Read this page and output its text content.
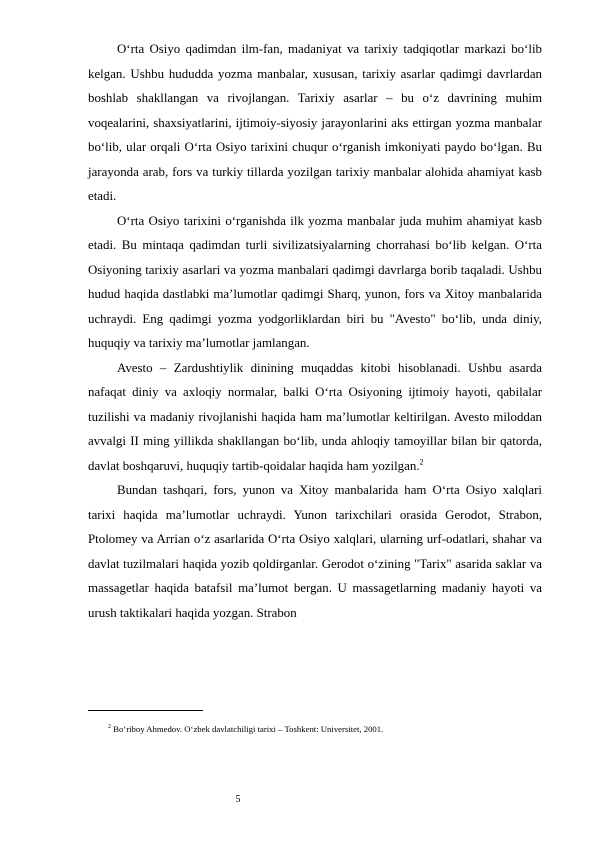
O‘rta Osiyo qadimdan ilm-fan, madaniyat va tarixiy tadqiqotlar markazi bo‘lib kelgan. Ushbu hududda yozma manbalar, xususan, tarixiy asarlar qadimgi davrlardan boshlab shakllangan va rivojlangan. Tarixiy asarlar – bu o‘z davrining muhim voqealarini, shaxsiyatlarini, ijtimoiy-siyosiy jarayonlarini aks ettirgan yozma manbalar bo‘lib, ular orqali O‘rta Osiyo tarixini chuqur o‘rganish imkoniyati paydo bo‘lgan. Bu jarayonda arab, fors va turkiy tillarda yozilgan tarixiy manbalar alohida ahamiyat kasb etadi.

O‘rta Osiyo tarixini o‘rganishda ilk yozma manbalar juda muhim ahamiyat kasb etadi. Bu mintaqa qadimdan turli sivilizatsiyalarning chorrahasi bo‘lib kelgan. O‘rta Osiyoning tarixiy asarlari va yozma manbalari qadimgi davrlarga borib taqaladi. Ushbu hudud haqida dastlabki ma’lumotlar qadimgi Sharq, yunon, fors va Xitoy manbalarida uchraydi. Eng qadimgi yozma yodgorliklardan biri bu "Avesto" bo‘lib, unda diniy, huquqiy va tarixiy ma’lumotlar jamlangan.

Avesto – Zardushtiylik dinining muqaddas kitobi hisoblanadi. Ushbu asarda nafaqat diniy va axloqiy normalar, balki O‘rta Osiyoning ijtimoiy hayoti, qabilalar tuzilishi va madaniy rivojlanishi haqida ham ma’lumotlar keltirilgan. Avesto miloddan avvalgi II ming yillikda shakllangan bo‘lib, unda ahloqiy tamoyillar bilan bir qatorda, davlat boshqaruvi, huquqiy tartib-qoidalar haqida ham yozilgan.$^2$

Bundan tashqari, fors, yunon va Xitoy manbalarida ham O‘rta Osiyo xalqlari tarixi haqida ma’lumotlar uchraydi. Yunon tarixchilari orasida Gerodot, Strabon, Ptolomey va Arrian o‘z asarlarida O‘rta Osiyo xalqlari, ularning urf-odatlari, shahar va davlat tuzilmalari haqida yozib qoldirganlar. Gerodot o‘zining "Tarix" asarida saklar va massagetlar haqida batafsil ma’lumot bergan. U massagetlarning madaniy hayoti va urush taktikalari haqida yozgan. Strabon

$^2$ Bo‘riboy Ahmedov. O‘zbek davlatchiligi tarixi – Toshkent: Universitet, 2001.
5
